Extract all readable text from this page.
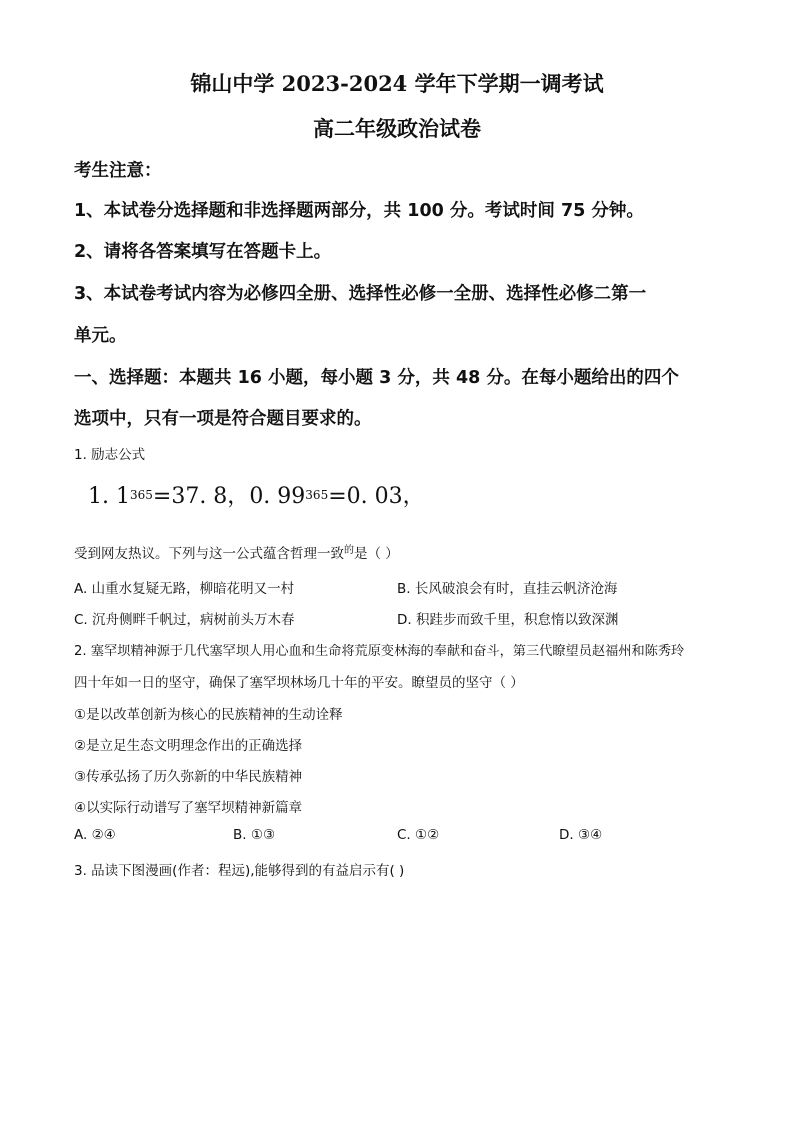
锦山中学 2023-2024 学年下学期一调考试
高二年级政治试卷
考生注意：
1、本试卷分选择题和非选择题两部分，共 100 分。考试时间 75 分钟。
2、请将各答案填写在答题卡上。
3、本试卷考试内容为必修四全册、选择性必修一全册、选择性必修二第一
单元。
一、选择题：本题共 16 小题，每小题 3 分，共 48 分。在每小题给出的四个
选项中，只有一项是符合题目要求的。
1. 励志公式
1. $1^{365}=37$. 8，0. $99^{365}=0$. 03，
受到网友热议。下列与这一公式蕴含哲理一致$^的$是（ ）
A. 山重水复疑无路，柳暗花明又一村	B. 长风破浪会有时，直挂云帆济沧海
C. 沉舟侧畔千帆过，病树前头万木春	D. 积跬步而致千里，积怠惰以致深渊
2. 塞罕坝精神源于几代塞罕坝人用心血和生命将荒原变林海的奉献和奋斗，第三代瞭望员赵福州和陈秀玲
四十年如一日的坚守，确保了塞罕坝林场几十年的平安。瞭望员的坚守（ ）
①是以改革创新为核心的民族精神的生动诠释
②是立足生态文明理念作出的正确选择
③传承弘扬了历久弥新的中华民族精神
④以实际行动谱写了塞罕坝精神新篇章
A. ②④	B. ①③	C. ①②	D. ③④
3. 品读下图漫画(作者：程远),能够得到的有益启示有( )
